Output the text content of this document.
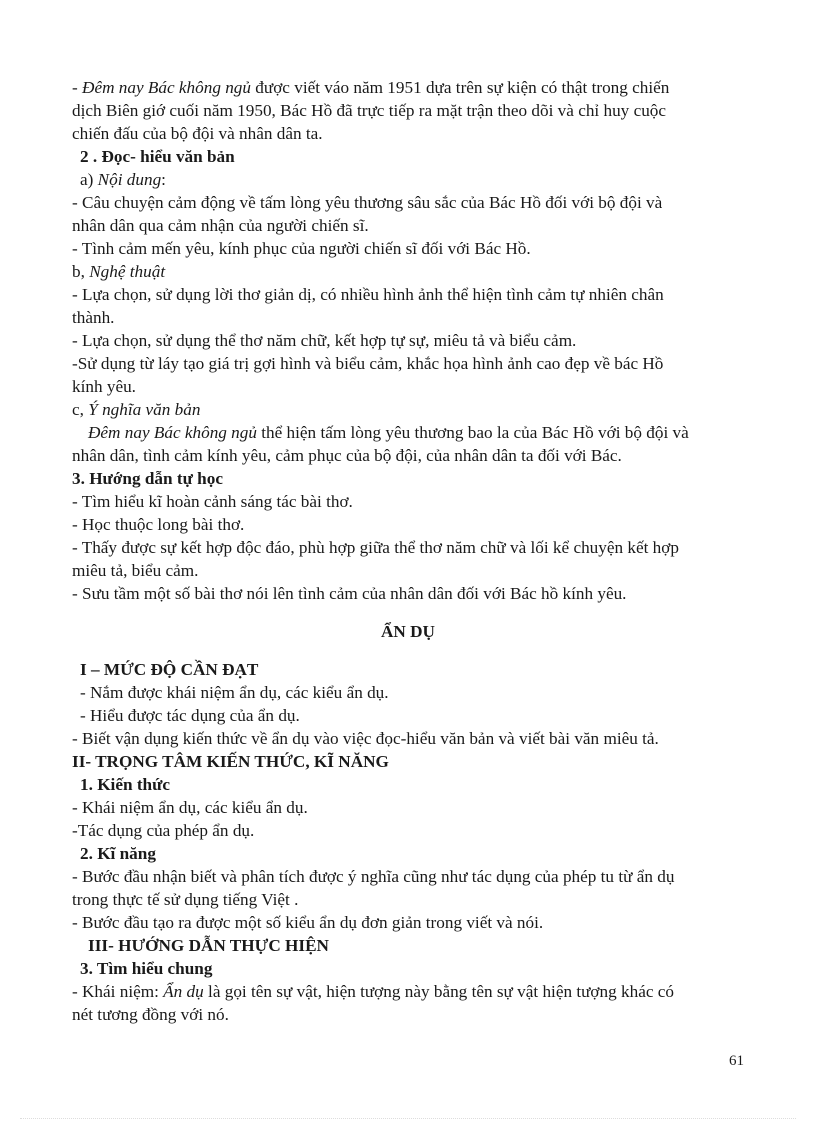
- Đêm nay Bác không ngủ được viết váo năm 1951 dựa trên sự kiện có thật trong chiến
dịch Biên giớ cuối năm 1950, Bác Hồ đã trực tiếp ra mặt trận theo dõi và chỉ huy cuộc
chiến đấu của bộ đội và nhân dân ta.
2 . Đọc- hiểu văn bản
a) Nội dung:
- Câu chuyện cảm động về tấm lòng yêu thương sâu sắc của Bác Hồ đối với bộ đội và
nhân dân qua cảm nhận của người chiến sĩ.
- Tình cảm mến yêu, kính phục của người chiến sĩ đối với Bác Hồ.
b, Nghệ thuật
- Lựa chọn, sử dụng lời thơ giản dị, có nhiều hình ảnh thể hiện tình cảm tự nhiên chân
thành.
- Lựa chọn, sử dụng thể thơ năm chữ, kết hợp tự sự, miêu tả và biểu cảm.
-Sử dụng từ láy tạo giá trị gợi hình và biểu cảm, khắc họa hình ảnh cao đẹp về bác Hồ
kính yêu.
c, Ý nghĩa văn bản
Đêm nay Bác không ngủ thể hiện tấm lòng yêu thương bao la của Bác Hồ với bộ đội và
nhân dân, tình cảm kính yêu, cảm phục của bộ đội, của nhân dân ta đối với Bác.
3. Hướng dẫn tự học
- Tìm hiểu kĩ hoàn cảnh sáng tác bài thơ.
- Học thuộc long bài thơ.
- Thấy được sự kết hợp độc đáo, phù hợp giữa thể thơ năm chữ và lối kể chuyện kết hợp
miêu tả, biểu cảm.
- Sưu tầm một số bài thơ nói lên tình cảm của nhân dân đối với Bác hồ kính yêu.
ẨN DỤ
I – MỨC ĐỘ CẦN ĐẠT
- Nắm được khái niệm ẩn dụ, các kiểu ẩn dụ.
- Hiểu được tác dụng của ẩn dụ.
- Biết vận dụng kiến thức về ẩn dụ vào việc đọc-hiểu văn bản và viết bài văn miêu tả.
II- TRỌNG TÂM KIẾN THỨC, KĨ NĂNG
1. Kiến thức
- Khái niệm ẩn dụ, các kiểu ẩn dụ.
-Tác dụng của phép ẩn dụ.
2. Kĩ năng
- Bước đầu nhận biết và phân tích được ý nghĩa cũng như tác dụng của phép tu từ ẩn dụ
trong thực tế sử dụng tiếng Việt .
- Bước đầu tạo ra được một số kiểu ẩn dụ đơn giản trong viết và nói.
III- HƯỚNG DẪN THỰC HIỆN
3. Tìm hiểu chung
- Khái niệm: Ẩn dụ là gọi tên sự vật, hiện tượng này bằng tên sự vật hiện tượng khác có
nét tương đồng với nó.
61
